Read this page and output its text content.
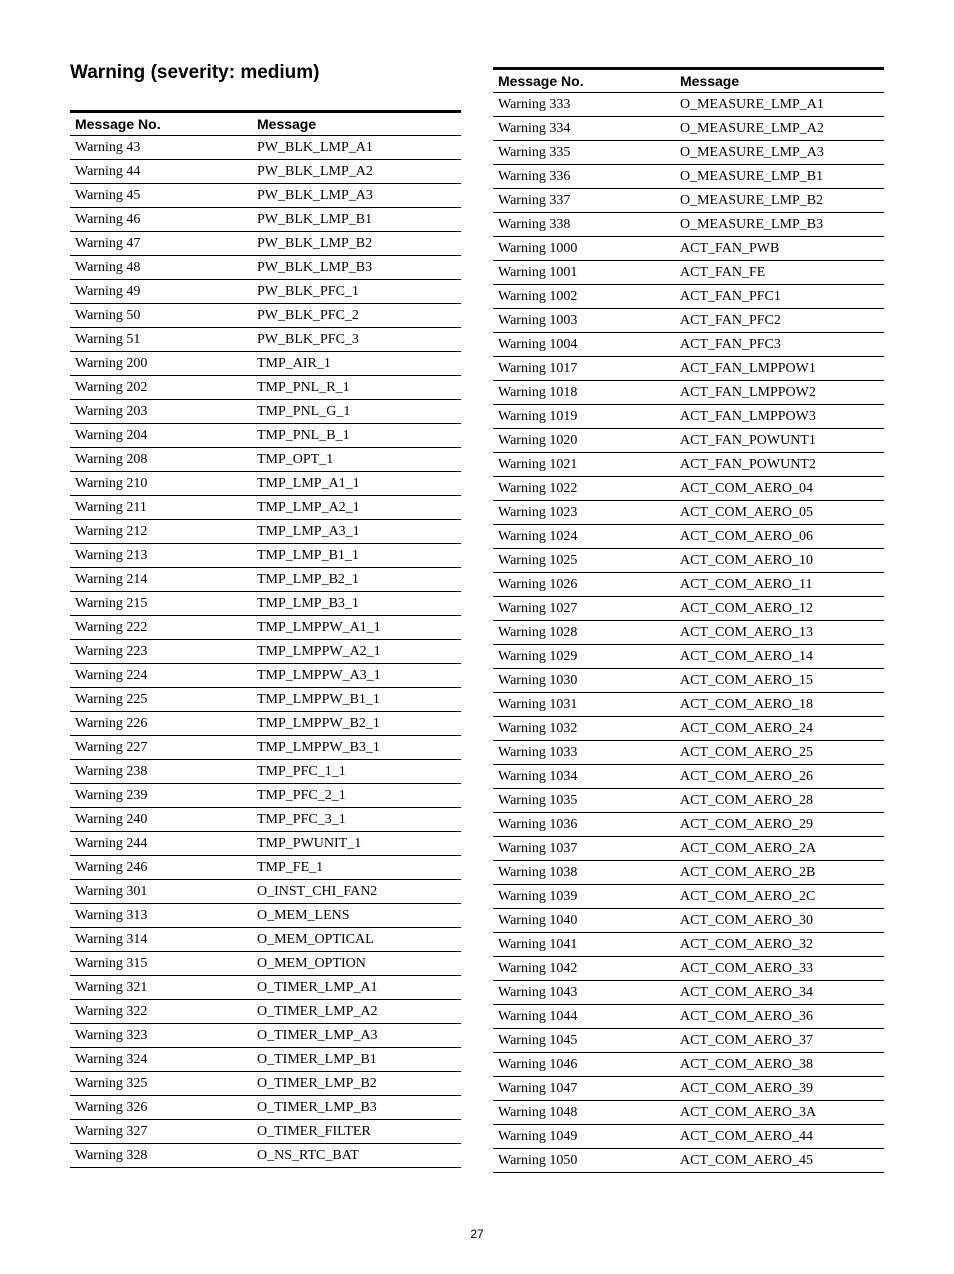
Warning (severity: medium)
Message No.	Message
Warning 43	PW_BLK_LMP_A1
Warning 44	PW_BLK_LMP_A2
Warning 45	PW_BLK_LMP_A3
Warning 46	PW_BLK_LMP_B1
Warning 47	PW_BLK_LMP_B2
Warning 48	PW_BLK_LMP_B3
Warning 49	PW_BLK_PFC_1
Warning 50	PW_BLK_PFC_2
Warning 51	PW_BLK_PFC_3
Warning 200	TMP_AIR_1
Warning 202	TMP_PNL_R_1
Warning 203	TMP_PNL_G_1
Warning 204	TMP_PNL_B_1
Warning 208	TMP_OPT_1
Warning 210	TMP_LMP_A1_1
Warning 211	TMP_LMP_A2_1
Warning 212	TMP_LMP_A3_1
Warning 213	TMP_LMP_B1_1
Warning 214	TMP_LMP_B2_1
Warning 215	TMP_LMP_B3_1
Warning 222	TMP_LMPPW_A1_1
Warning 223	TMP_LMPPW_A2_1
Warning 224	TMP_LMPPW_A3_1
Warning 225	TMP_LMPPW_B1_1
Warning 226	TMP_LMPPW_B2_1
Warning 227	TMP_LMPPW_B3_1
Warning 238	TMP_PFC_1_1
Warning 239	TMP_PFC_2_1
Warning 240	TMP_PFC_3_1
Warning 244	TMP_PWUNIT_1
Warning 246	TMP_FE_1
Warning 301	O_INST_CHI_FAN2
Warning 313	O_MEM_LENS
Warning 314	O_MEM_OPTICAL
Warning 315	O_MEM_OPTION
Warning 321	O_TIMER_LMP_A1
Warning 322	O_TIMER_LMP_A2
Warning 323	O_TIMER_LMP_A3
Warning 324	O_TIMER_LMP_B1
Warning 325	O_TIMER_LMP_B2
Warning 326	O_TIMER_LMP_B3
Warning 327	O_TIMER_FILTER
Warning 328	O_NS_RTC_BAT
Message No.	Message
Warning 333	O_MEASURE_LMP_A1
Warning 334	O_MEASURE_LMP_A2
Warning 335	O_MEASURE_LMP_A3
Warning 336	O_MEASURE_LMP_B1
Warning 337	O_MEASURE_LMP_B2
Warning 338	O_MEASURE_LMP_B3
Warning 1000	ACT_FAN_PWB
Warning 1001	ACT_FAN_FE
Warning 1002	ACT_FAN_PFC1
Warning 1003	ACT_FAN_PFC2
Warning 1004	ACT_FAN_PFC3
Warning 1017	ACT_FAN_LMPPOW1
Warning 1018	ACT_FAN_LMPPOW2
Warning 1019	ACT_FAN_LMPPOW3
Warning 1020	ACT_FAN_POWUNT1
Warning 1021	ACT_FAN_POWUNT2
Warning 1022	ACT_COM_AERO_04
Warning 1023	ACT_COM_AERO_05
Warning 1024	ACT_COM_AERO_06
Warning 1025	ACT_COM_AERO_10
Warning 1026	ACT_COM_AERO_11
Warning 1027	ACT_COM_AERO_12
Warning 1028	ACT_COM_AERO_13
Warning 1029	ACT_COM_AERO_14
Warning 1030	ACT_COM_AERO_15
Warning 1031	ACT_COM_AERO_18
Warning 1032	ACT_COM_AERO_24
Warning 1033	ACT_COM_AERO_25
Warning 1034	ACT_COM_AERO_26
Warning 1035	ACT_COM_AERO_28
Warning 1036	ACT_COM_AERO_29
Warning 1037	ACT_COM_AERO_2A
Warning 1038	ACT_COM_AERO_2B
Warning 1039	ACT_COM_AERO_2C
Warning 1040	ACT_COM_AERO_30
Warning 1041	ACT_COM_AERO_32
Warning 1042	ACT_COM_AERO_33
Warning 1043	ACT_COM_AERO_34
Warning 1044	ACT_COM_AERO_36
Warning 1045	ACT_COM_AERO_37
Warning 1046	ACT_COM_AERO_38
Warning 1047	ACT_COM_AERO_39
Warning 1048	ACT_COM_AERO_3A
Warning 1049	ACT_COM_AERO_44
Warning 1050	ACT_COM_AERO_45
27
